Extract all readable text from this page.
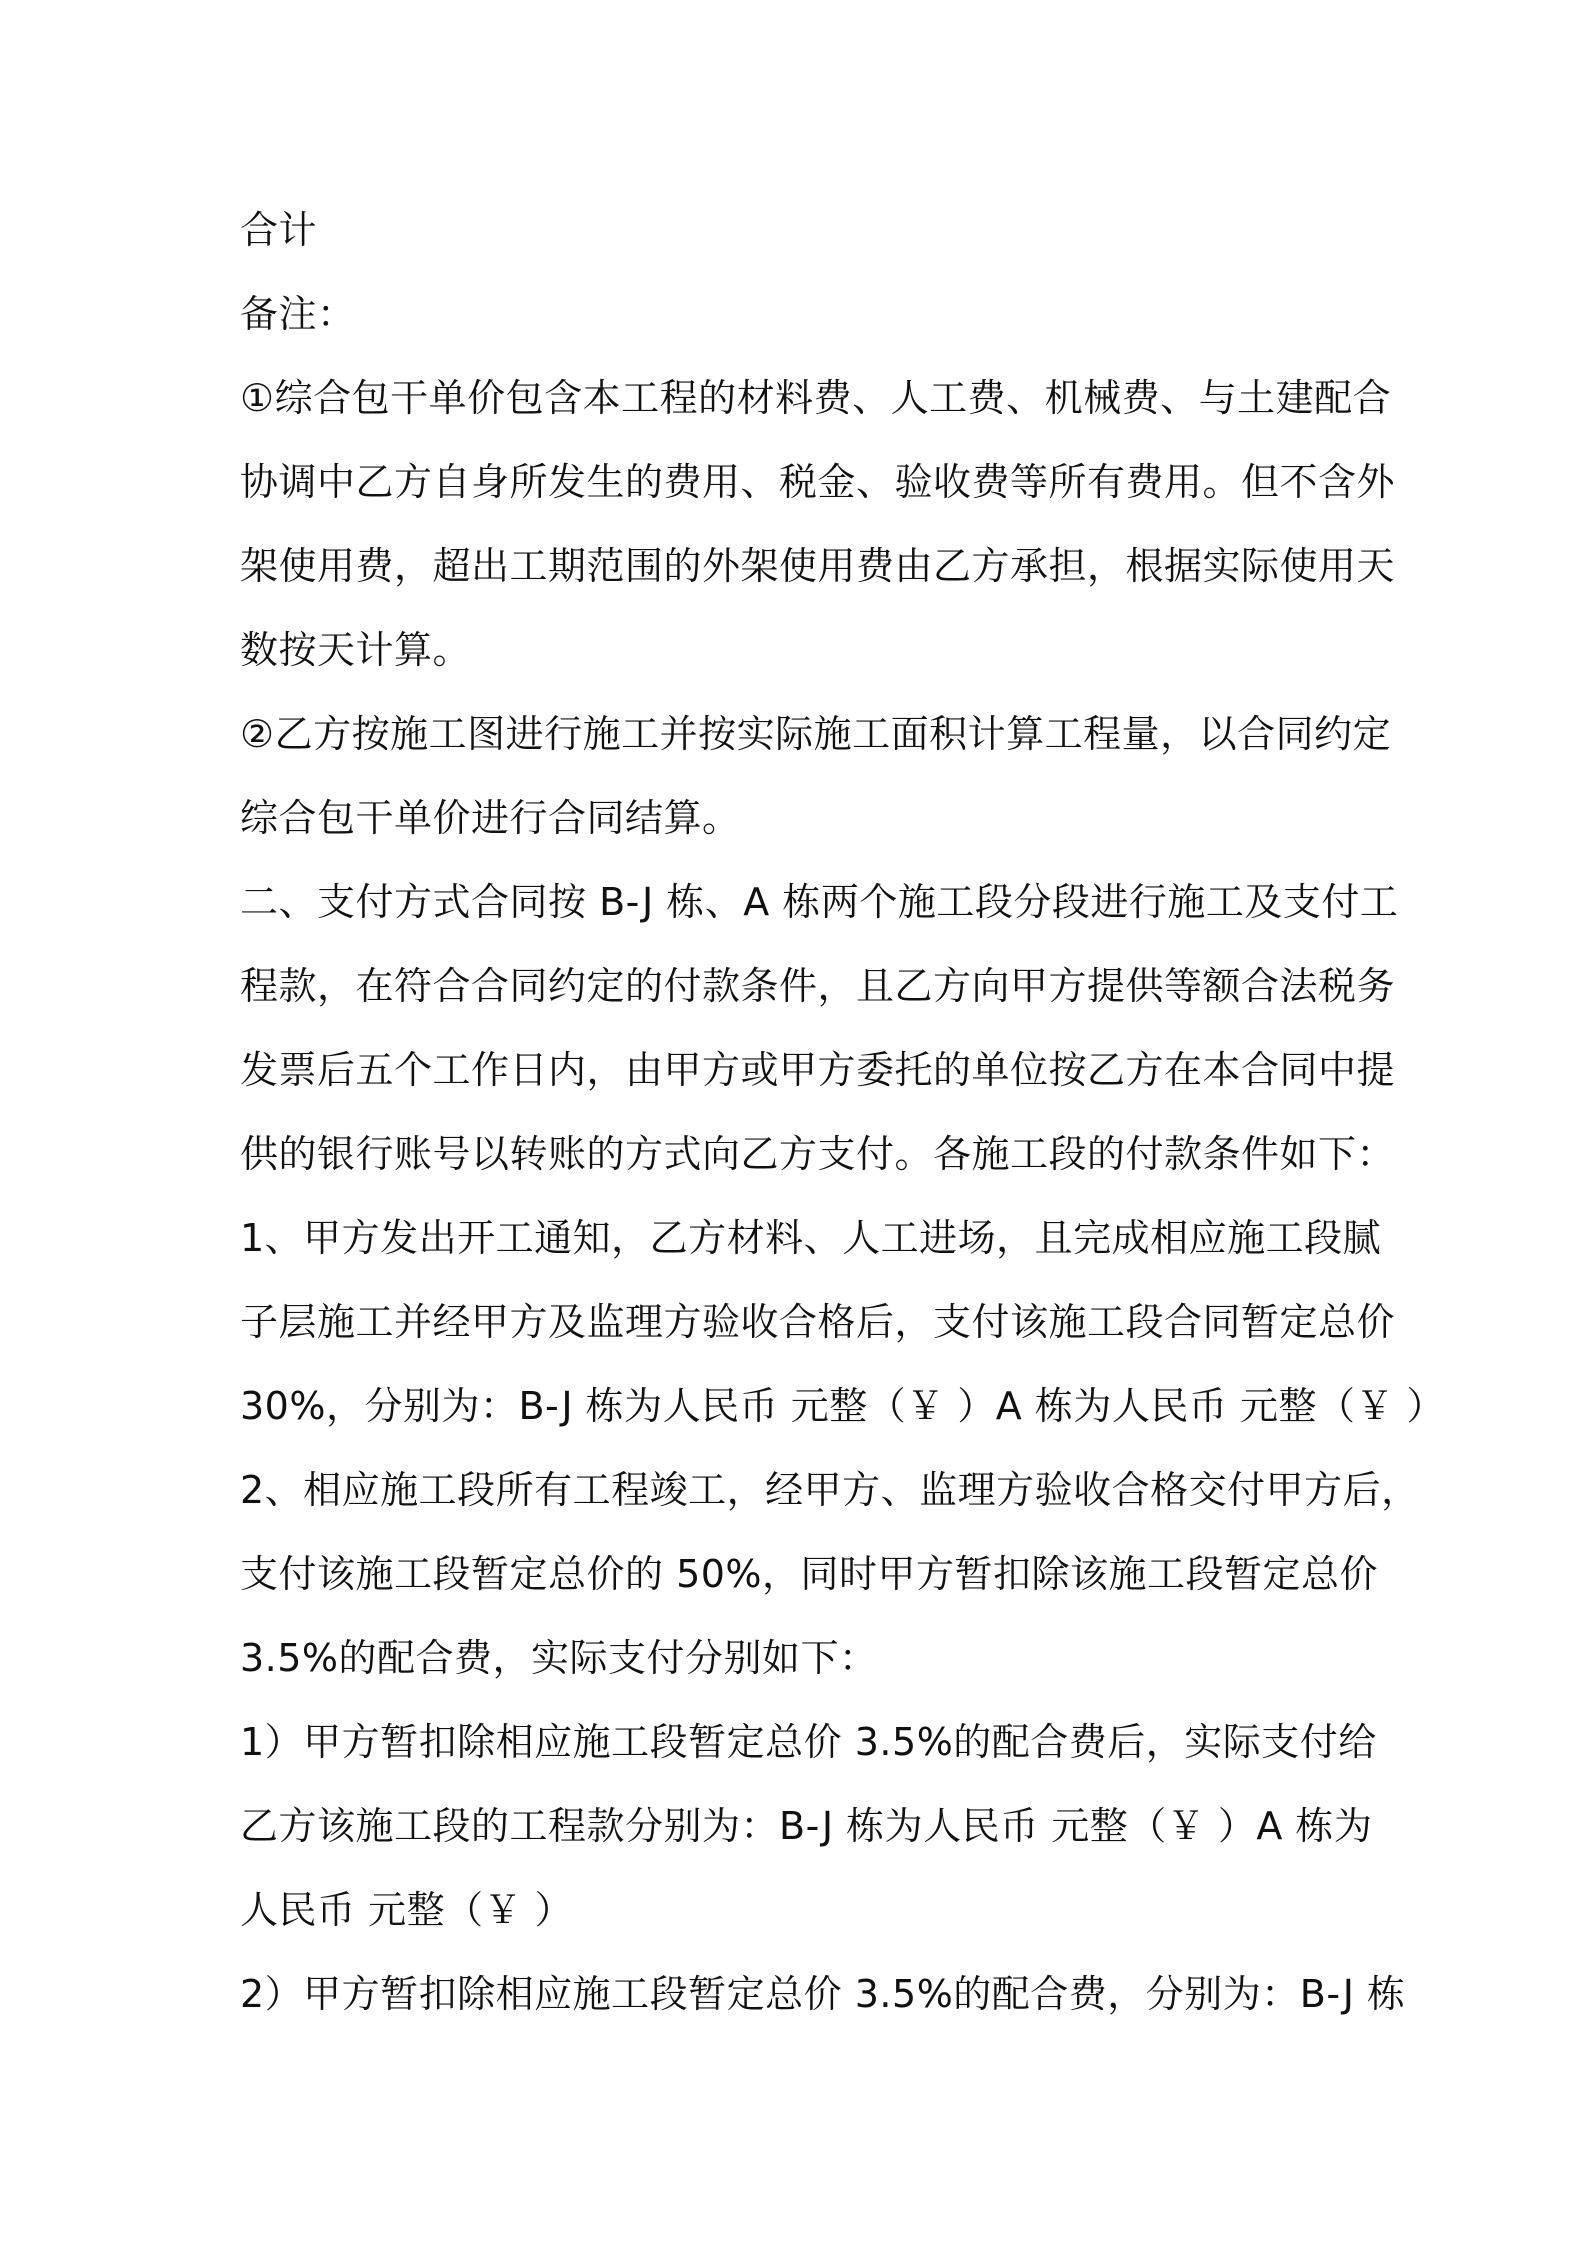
合计
备注：
①综合包干单价包含本工程的材料费、人工费、机械费、与土建配合
协调中乙方自身所发生的费用、税金、验收费等所有费用。但不含外
架使用费，超出工期范围的外架使用费由乙方承担，根据实际使用天
数按天计算。
②乙方按施工图进行施工并按实际施工面积计算工程量，以合同约定
综合包干单价进行合同结算。
二、支付方式合同按 B-J 栋、A 栋两个施工段分段进行施工及支付工
程款，在符合合同约定的付款条件，且乙方向甲方提供等额合法税务
发票后五个工作日内，由甲方或甲方委托的单位按乙方在本合同中提
供的银行账号以转账的方式向乙方支付。各施工段的付款条件如下：
1、甲方发出开工通知，乙方材料、人工进场，且完成相应施工段腻
子层施工并经甲方及监理方验收合格后，支付该施工段合同暂定总价
30%，分别为：B-J 栋为人民币 元整（￥ ）A 栋为人民币 元整（￥ ）
2、相应施工段所有工程竣工，经甲方、监理方验收合格交付甲方后，
支付该施工段暂定总价的 50%，同时甲方暂扣除该施工段暂定总价
3.5%的配合费，实际支付分别如下：
1）甲方暂扣除相应施工段暂定总价 3.5%的配合费后，实际支付给
乙方该施工段的工程款分别为：B-J 栋为人民币 元整（￥ ）A 栋为
人民币 元整（￥ ）
2）甲方暂扣除相应施工段暂定总价 3.5%的配合费，分别为：B-J 栋
